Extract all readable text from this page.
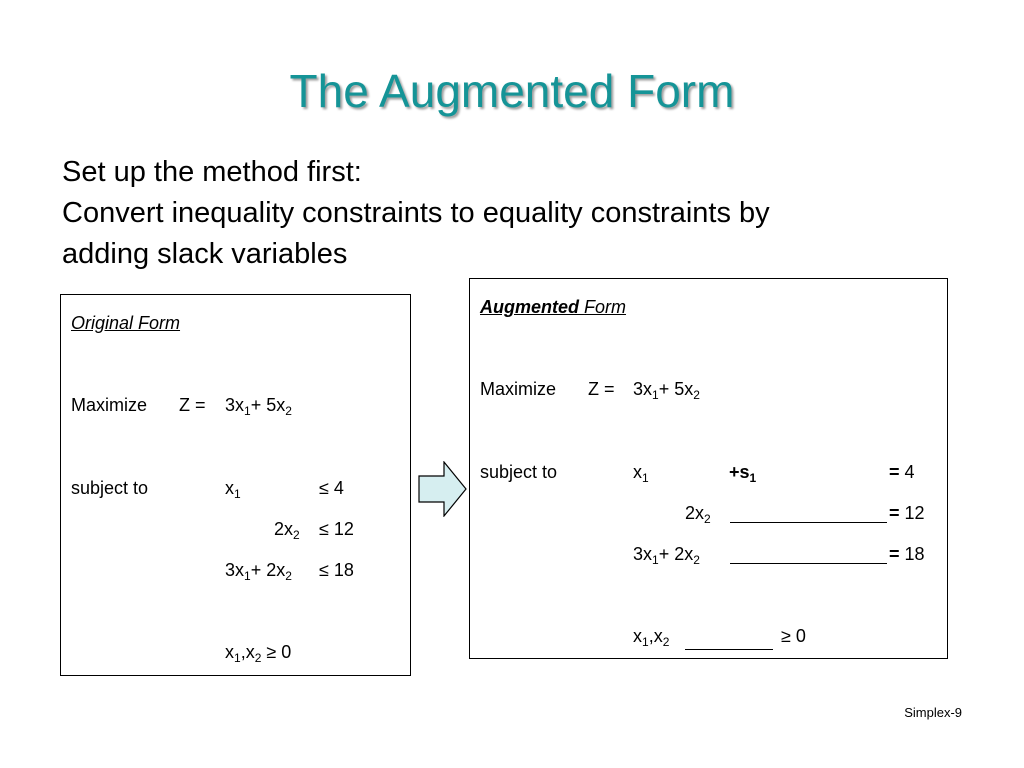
The Augmented Form
Set up the method first:
Convert inequality constraints to equality constraints by
adding slack variables
Original Form
Maximize $Z = 3x_1+ 5x_2$
subject to	$x_1$	≤ 4
$2x_2 \le 12$
$3x_1+ 2x_2 \le 18$
$x_1,x_2 \ge 0$
Augmented Form
Maximize $Z = 3x_1+ 5x_2$
subject to	$x_1$	$+s_1$	= 4
$2x_2$	= 12
$3x_1+ 2x_2$	= 18
$x_1,x_2$	≥ 0
Simplex-9
